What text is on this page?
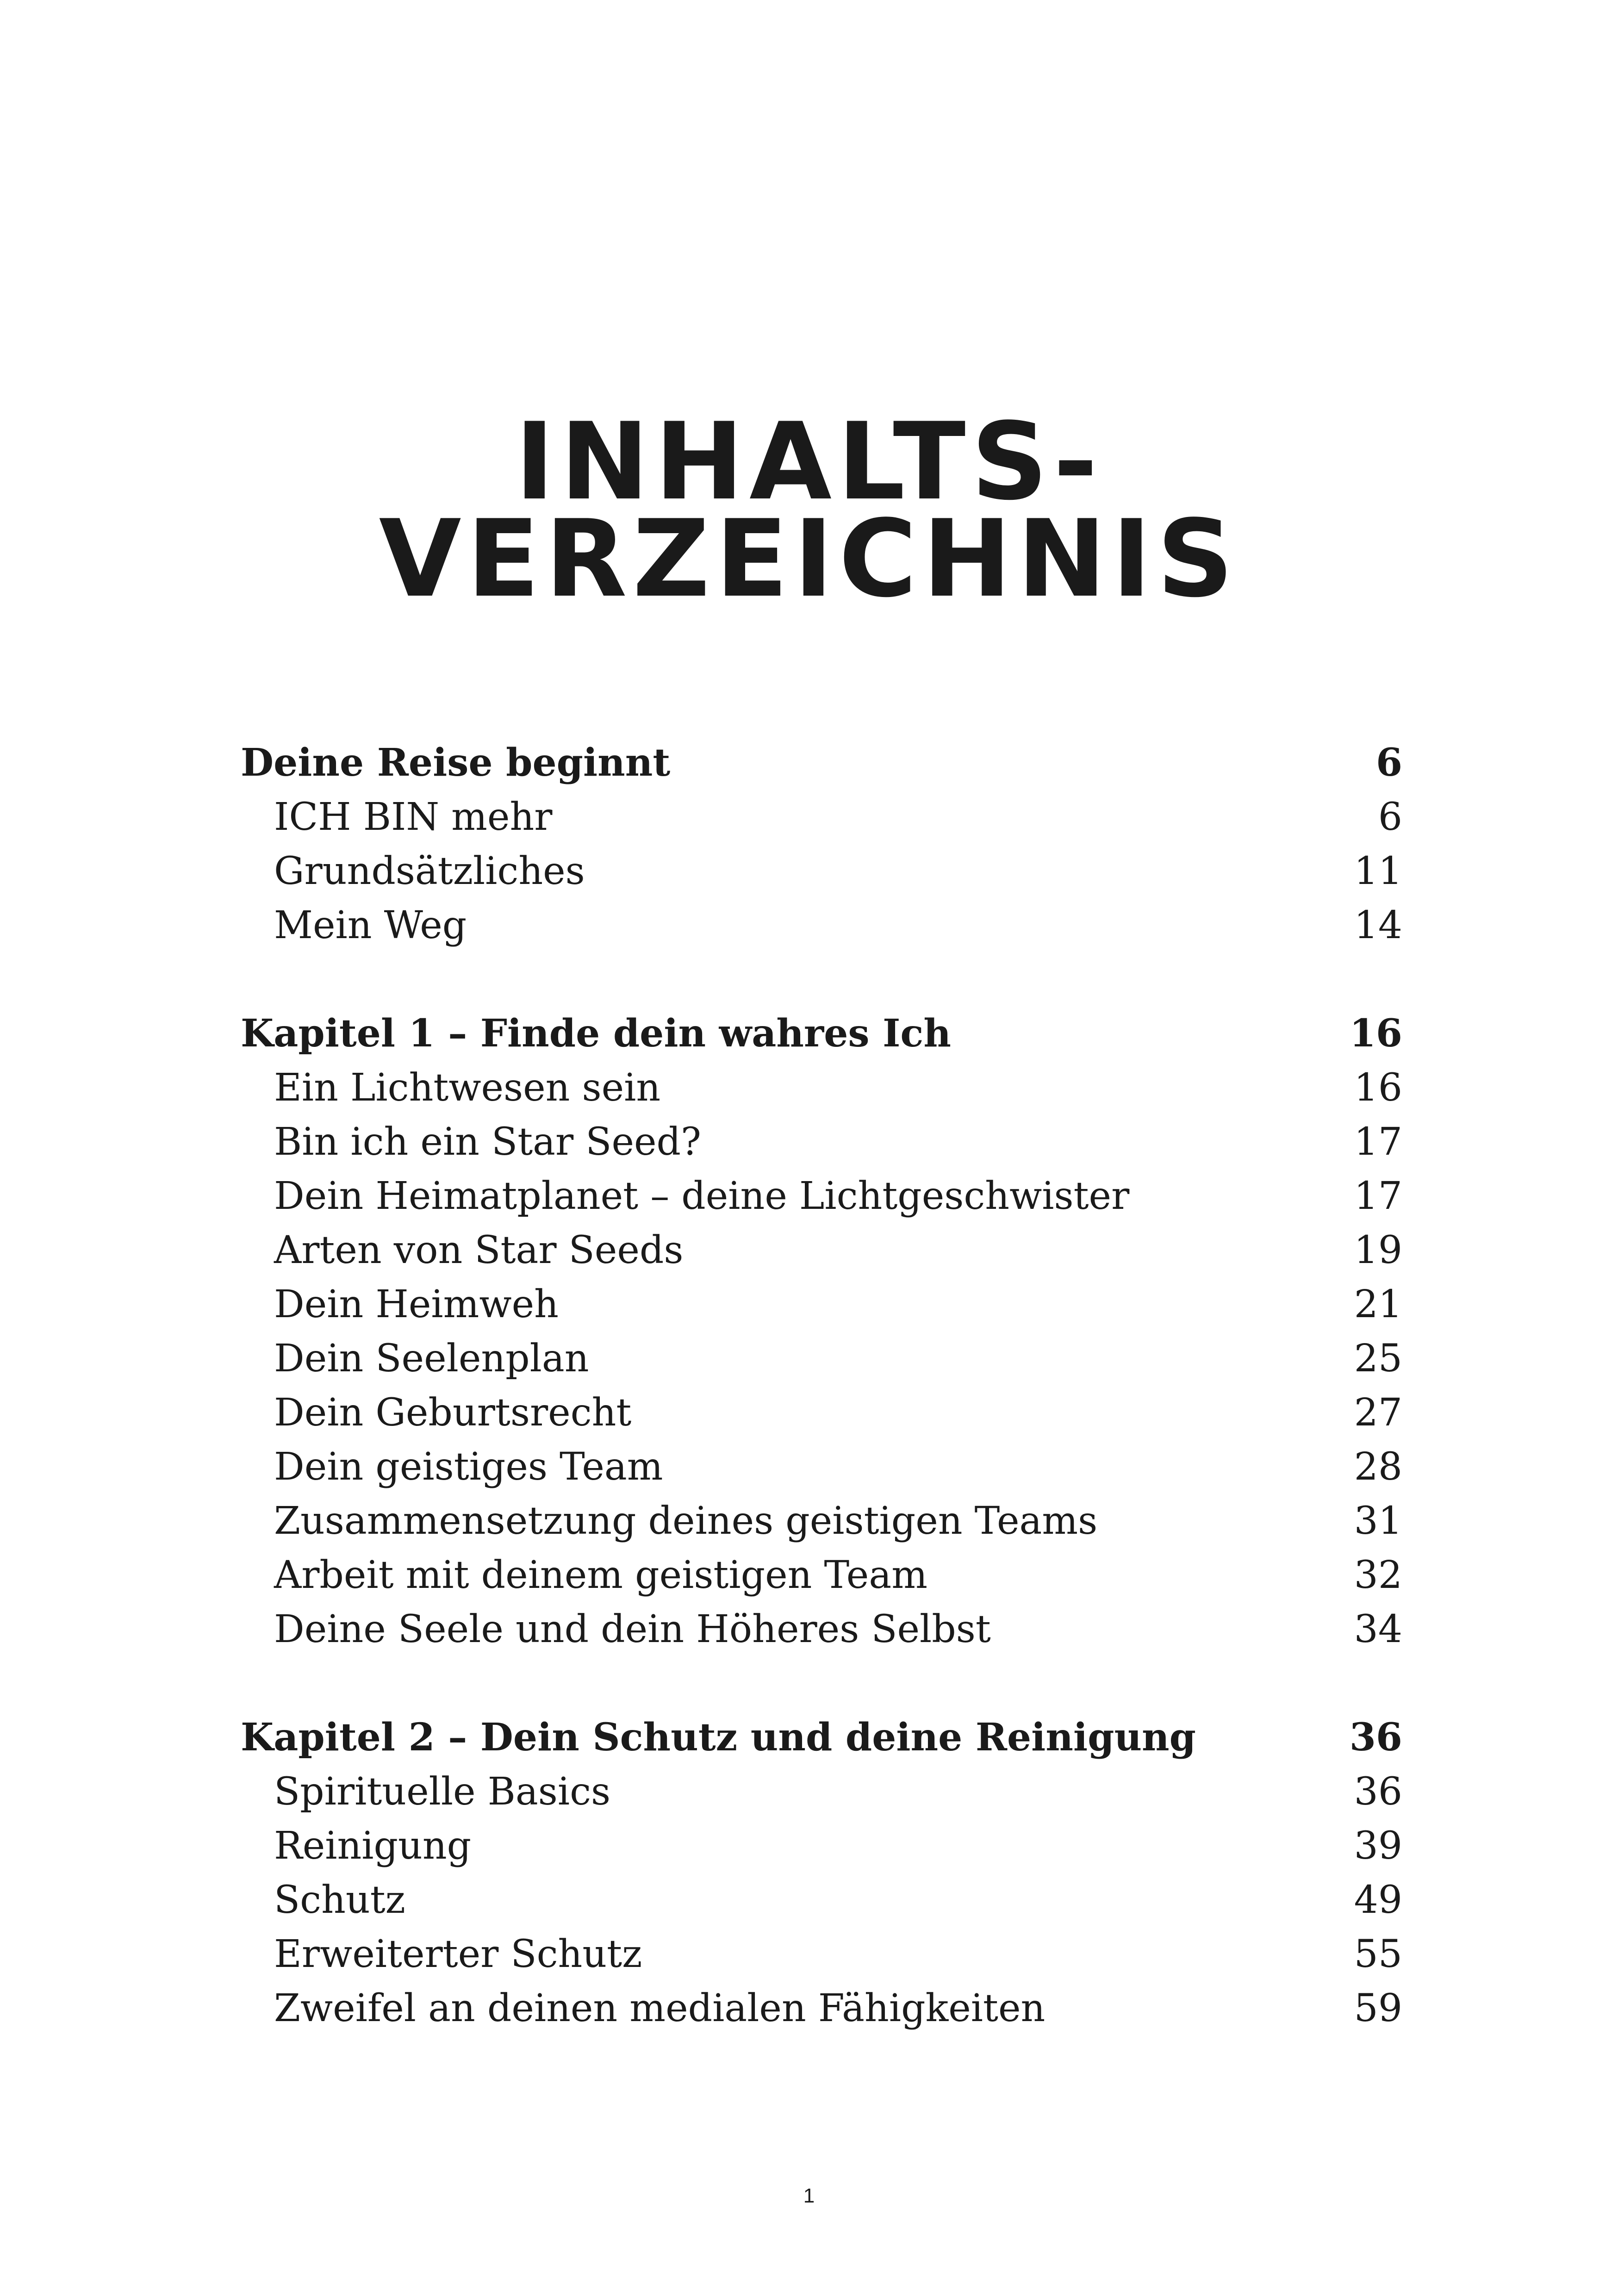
INHALTS-
VERZEICHNIS
Deine Reise beginnt	6
ICH BIN mehr	6
Grundsätzliches	11
Mein Weg	14
Kapitel 1 – Finde dein wahres Ich	16
Ein Lichtwesen sein	16
Bin ich ein Star Seed?	17
Dein Heimatplanet – deine Lichtgeschwister	17
Arten von Star Seeds	19
Dein Heimweh	21
Dein Seelenplan	25
Dein Geburtsrecht	27
Dein geistiges Team	28
Zusammensetzung deines geistigen Teams	31
Arbeit mit deinem geistigen Team	32
Deine Seele und dein Höheres Selbst	34
Kapitel 2 – Dein Schutz und deine Reinigung	36
Spirituelle Basics	36
Reinigung	39
Schutz	49
Erweiterter Schutz	55
Zweifel an deinen medialen Fähigkeiten	59
1
